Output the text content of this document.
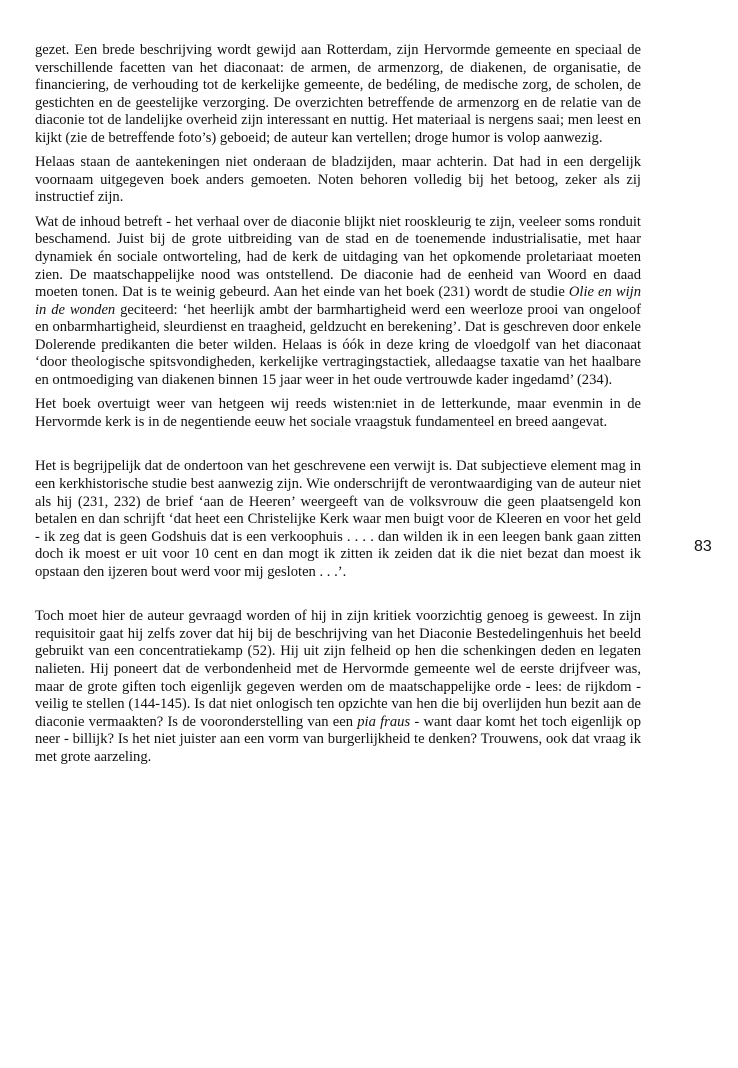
gezet. Een brede beschrijving wordt gewijd aan Rotterdam, zijn Hervormde gemeente en speciaal de verschillende facetten van het diaconaat: de armen, de armenzorg, de diakenen, de organisatie, de financiering, de verhouding tot de kerkelijke gemeente, de bedéling, de medische zorg, de scholen, de gestichten en de geestelijke verzorging. De overzichten betreffende de armenzorg en de relatie van de diaconie tot de landelijke overheid zijn interessant en nuttig. Het materiaal is nergens saai; men leest en kijkt (zie de betreffende foto’s) geboeid; de auteur kan vertellen; droge humor is volop aanwezig.

Helaas staan de aantekeningen niet onderaan de bladzijden, maar achterin. Dat had in een dergelijk voornaam uitgegeven boek anders gemoeten. Noten behoren volledig bij het betoog, zeker als zij instructief zijn.

Wat de inhoud betreft - het verhaal over de diaconie blijkt niet rooskleurig te zijn, veeleer soms ronduit beschamend. Juist bij de grote uitbreiding van de stad en de toenemende industrialisatie, met haar dynamiek én sociale ontworteling, had de kerk de uitdaging van het opkomende proletariaat moeten zien. De maatschappelijke nood was ontstellend. De diaconie had de eenheid van Woord en daad moeten tonen. Dat is te weinig gebeurd. Aan het einde van het boek (231) wordt de studie Olie en wijn in de wonden geciteerd: ‘het heerlijk ambt der barmhartigheid werd een weerloze prooi van ongeloof en onbarmhartigheid, sleurdienst en traagheid, geldzucht en berekening’. Dat is geschreven door enkele Dolerende predikanten die beter wilden. Helaas is óók in deze kring de vloedgolf van het diaconaat ‘door theologische spitsvondigheden, kerkelijke vertragingstactiek, alledaagse taxatie van het haalbare en ontmoediging van diakenen binnen 15 jaar weer in het oude vertrouwde kader ingedamd’ (234).

Het boek overtuigt weer van hetgeen wij reeds wisten:niet in de letterkunde, maar evenmin in de Hervormde kerk is in de negentiende eeuw het sociale vraagstuk fundamenteel en breed aangevat.

Het is begrijpelijk dat de ondertoon van het geschrevene een verwijt is. Dat subjectieve element mag in een kerkhistorische studie best aanwezig zijn. Wie onderschrijft de verontwaardiging van de auteur niet als hij (231, 232) de brief ‘aan de Heeren’ weergeeft van de volksvrouw die geen plaatsengeld kon betalen en dan schrijft ‘dat heet een Christelijke Kerk waar men buigt voor de Kleeren en voor het geld - ik zeg dat is geen Godshuis dat is een verkoophuis . . . . dan wilden ik in een leegen bank gaan zitten doch ik moest er uit voor 10 cent en dan mogt ik zitten ik zeiden dat ik die niet bezat dan moest ik opstaan den ijzeren bout werd voor mij gesloten . . .’.

Toch moet hier de auteur gevraagd worden of hij in zijn kritiek voorzichtig genoeg is geweest. In zijn requisitoir gaat hij zelfs zover dat hij bij de beschrijving van het Diaconie Bestedelingenhuis het beeld gebruikt van een concentratiekamp (52). Hij uit zijn felheid op hen die schenkingen deden en legaten nalieten. Hij poneert dat de verbondenheid met de Hervormde gemeente wel de eerste drijfveer was, maar de grote giften toch eigenlijk gegeven werden om de maatschappelijke orde - lees: de rijkdom - veilig te stellen (144-145). Is dat niet onlogisch ten opzichte van hen die bij overlijden hun bezit aan de diaconie vermaakten? Is de vooronderstelling van een pia fraus - want daar komt het toch eigenlijk op neer - billijk? Is het niet juister aan een vorm van burgerlijkheid te denken? Trouwens, ook dat vraag ik met grote aarzeling.

83
